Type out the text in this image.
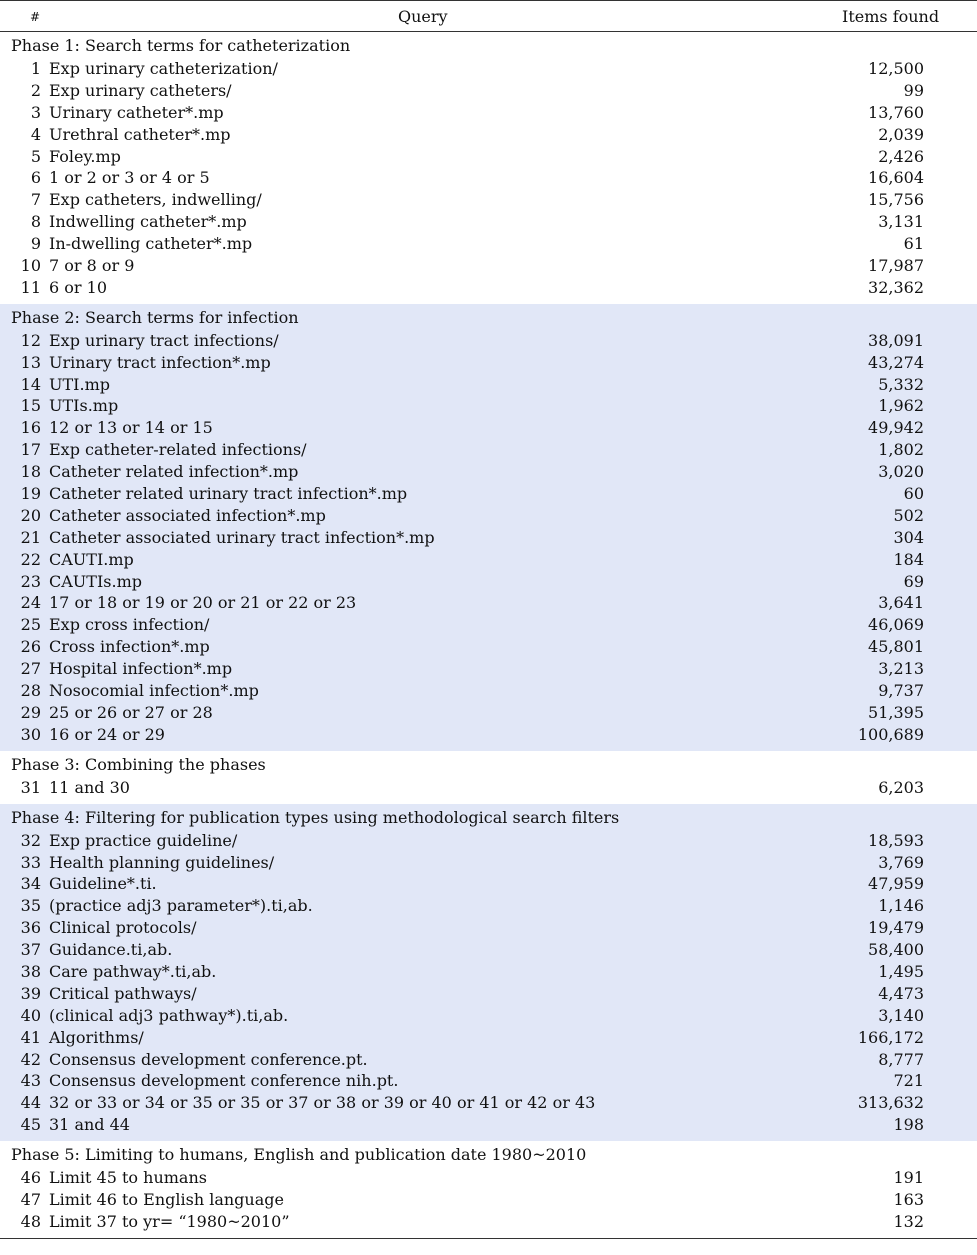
#	Query	Items found
Phase 1: Search terms for catheterization
1 Exp urinary catheterization/	12,500
2 Exp urinary catheters/	99
3 Urinary catheter*.mp	13,760
4 Urethral catheter*.mp	2,039
5 Foley.mp	2,426
6 1 or 2 or 3 or 4 or 5	16,604
7 Exp catheters, indwelling/	15,756
8 Indwelling catheter*.mp	3,131
9 In-dwelling catheter*.mp	61
10 7 or 8 or 9	17,987
11 6 or 10	32,362
Phase 2: Search terms for infection
12 Exp urinary tract infections/	38,091
13 Urinary tract infection*.mp	43,274
14 UTI.mp	5,332
15 UTIs.mp	1,962
16 12 or 13 or 14 or 15	49,942
17 Exp catheter-related infections/	1,802
18 Catheter related infection*.mp	3,020
19 Catheter related urinary tract infection*.mp	60
20 Catheter associated infection*.mp	502
21 Catheter associated urinary tract infection*.mp	304
22 CAUTI.mp	184
23 CAUTIs.mp	69
24 17 or 18 or 19 or 20 or 21 or 22 or 23	3,641
25 Exp cross infection/	46,069
26 Cross infection*.mp	45,801
27 Hospital infection*.mp	3,213
28 Nosocomial infection*.mp	9,737
29 25 or 26 or 27 or 28	51,395
30 16 or 24 or 29	100,689
Phase 3: Combining the phases
31 11 and 30	6,203
Phase 4: Filtering for publication types using methodological search filters
32 Exp practice guideline/	18,593
33 Health planning guidelines/	3,769
34 Guideline*.ti.	47,959
35 (practice adj3 parameter*).ti,ab.	1,146
36 Clinical protocols/	19,479
37 Guidance.ti,ab.	58,400
38 Care pathway*.ti,ab.	1,495
39 Critical pathways/	4,473
40 (clinical adj3 pathway*).ti,ab.	3,140
41 Algorithms/	166,172
42 Consensus development conference.pt.	8,777
43 Consensus development conference nih.pt.	721
44 32 or 33 or 34 or 35 or 35 or 37 or 38 or 39 or 40 or 41 or 42 or 43	313,632
45 31 and 44	198
Phase 5: Limiting to humans, English and publication date 1980~2010
46 Limit 45 to humans	191
47 Limit 46 to English language	163
48 Limit 37 to yr= “1980~2010”	132
